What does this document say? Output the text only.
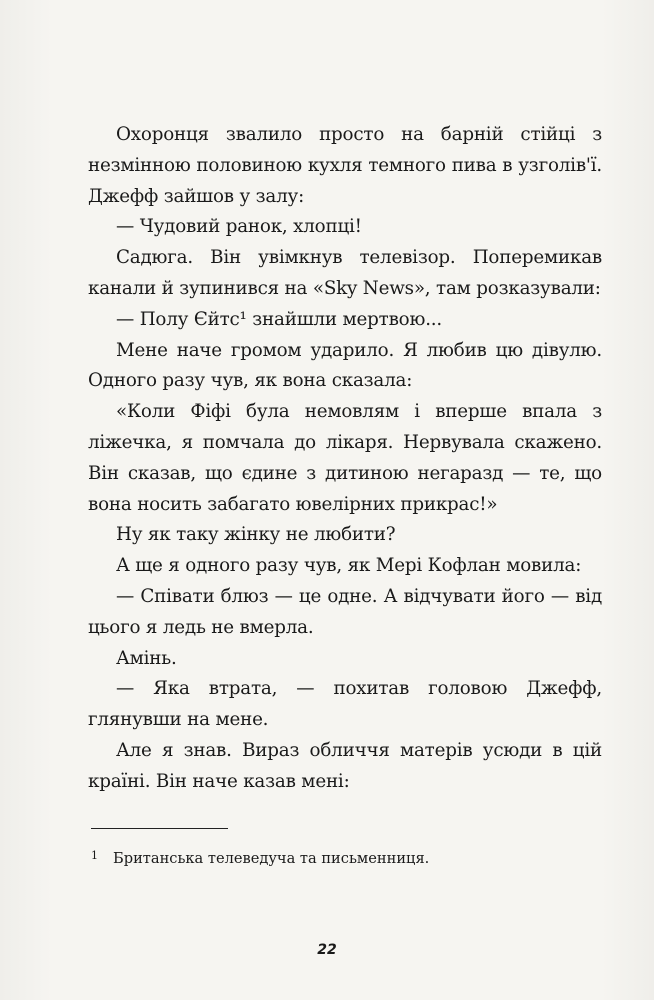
Охоронця звалило просто на барній стійці з незмінною половиною кухля темного пива в узголів'ї. Джефф зайшов у залу:

— Чудовий ранок, хлопці!

Садюга. Він увімкнув телевізор. Поперемикав канали й зупинився на «Sky News», там розказували:

— Полу Єйтс¹ знайшли мертвою...

Мене наче громом ударило. Я любив цю дівулю. Одного разу чув, як вона сказала:

«Коли Фіфі була немовлям і вперше впала з ліжечка, я помчала до лікаря. Нервувала скажено. Він сказав, що єдине з дитиною негаразд — те, що вона носить забагато ювелірних прикрас!»

Ну як таку жінку не любити?

А ще я одного разу чув, як Мері Кофлан мовила:

— Співати блюз — це одне. А відчувати його — від цього я ледь не вмерла.

Амінь.

— Яка втрата, — похитав головою Джефф, глянувши на мене.

Але я знав. Вираз обличчя матерів усюди в цій країні. Він наче казав мені:

1 Британська телеведуча та письменниця.
22
